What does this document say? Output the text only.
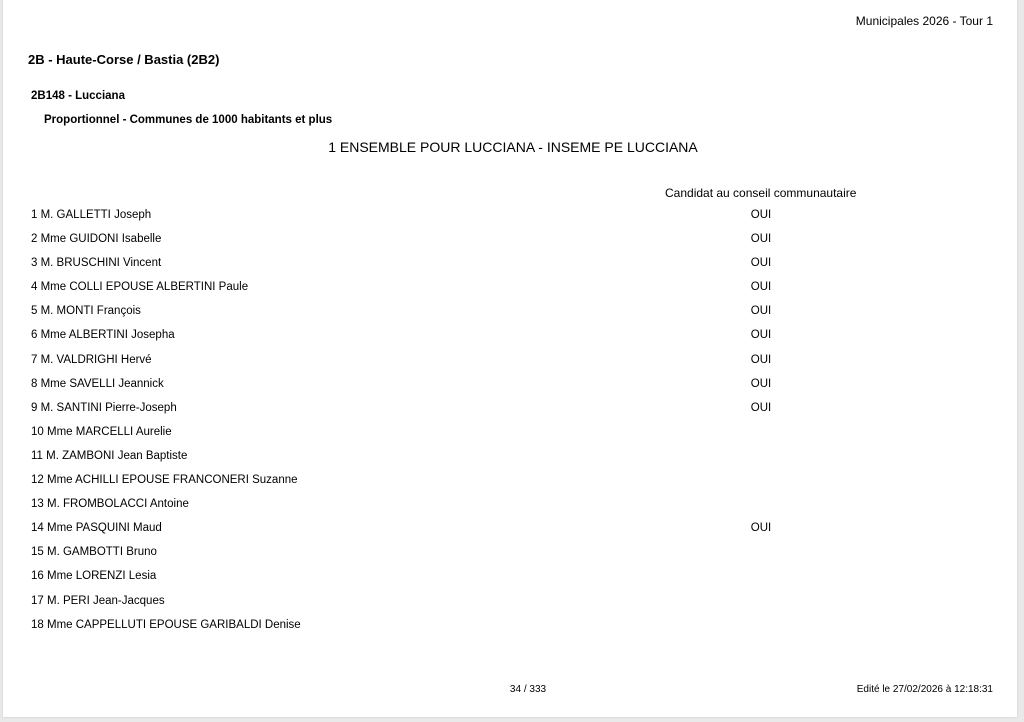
Municipales 2026 - Tour 1
2B - Haute-Corse / Bastia (2B2)
2B148 - Lucciana
Proportionnel - Communes de 1000 habitants et plus
1 ENSEMBLE POUR LUCCIANA - INSEME PE LUCCIANA
Candidat au conseil communautaire
1 M. GALLETTI Joseph	OUI
2 Mme GUIDONI Isabelle	OUI
3 M. BRUSCHINI Vincent	OUI
4 Mme COLLI EPOUSE ALBERTINI Paule	OUI
5 M. MONTI François	OUI
6 Mme ALBERTINI Josepha	OUI
7 M. VALDRIGHI Hervé	OUI
8 Mme SAVELLI Jeannick	OUI
9 M. SANTINI Pierre-Joseph	OUI
10 Mme MARCELLI Aurelie
11 M. ZAMBONI Jean Baptiste
12 Mme ACHILLI EPOUSE FRANCONERI Suzanne
13 M. FROMBOLACCI Antoine
14 Mme PASQUINI Maud	OUI
15 M. GAMBOTTI Bruno
16 Mme LORENZI Lesia
17 M. PERI Jean-Jacques
18 Mme CAPPELLUTI EPOUSE GARIBALDI Denise
34 / 333	Edité le 27/02/2026 à 12:18:31
